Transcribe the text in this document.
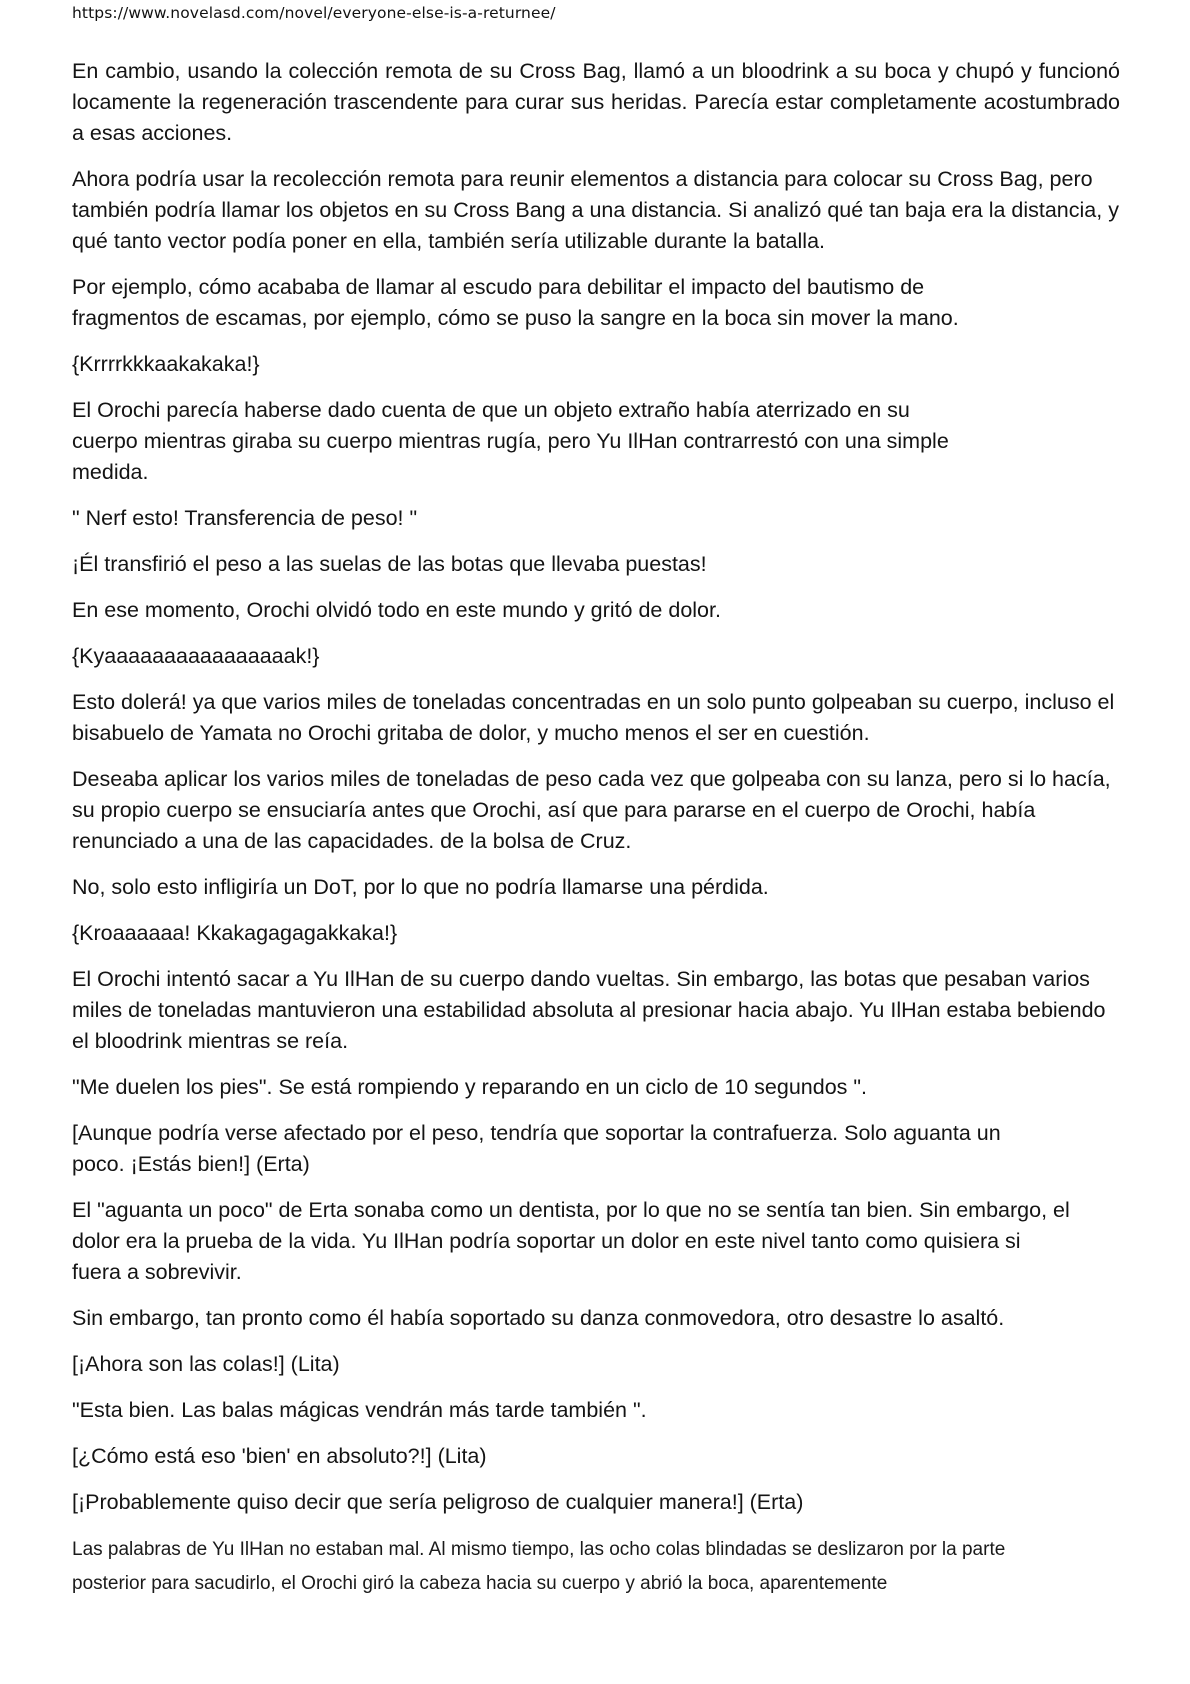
https://www.novelasd.com/novel/everyone-else-is-a-returnee/

En cambio, usando la colección remota de su Cross Bag, llamó a un bloodrink a su boca y chupó y funcionó locamente la regeneración trascendente para curar sus heridas. Parecía estar completamente acostumbrado a esas acciones.

Ahora podría usar la recolección remota para reunir elementos a distancia para colocar su Cross Bag, pero también podría llamar los objetos en su Cross Bang a una distancia. Si analizó qué tan baja era la distancia, y qué tanto vector podía poner en ella, también sería utilizable durante la batalla.

Por ejemplo, cómo acababa de llamar al escudo para debilitar el impacto del bautismo de fragmentos de escamas, por ejemplo, cómo se puso la sangre en la boca sin mover la mano.

{Krrrrkkkaakakaka!}

El Orochi parecía haberse dado cuenta de que un objeto extraño había aterrizado en su cuerpo mientras giraba su cuerpo mientras rugía, pero Yu IlHan contrarrestó con una simple medida.

" Nerf esto! Transferencia de peso! "

¡Él transfirió el peso a las suelas de las botas que llevaba puestas!

En ese momento, Orochi olvidó todo en este mundo y gritó de dolor.

{Kyaaaaaaaaaaaaaaaak!}

Esto dolerá! ya que varios miles de toneladas concentradas en un solo punto golpeaban su cuerpo, incluso el bisabuelo de Yamata no Orochi gritaba de dolor, y mucho menos el ser en cuestión.

Deseaba aplicar los varios miles de toneladas de peso cada vez que golpeaba con su lanza, pero si lo hacía, su propio cuerpo se ensuciaría antes que Orochi, así que para pararse en el cuerpo de Orochi, había renunciado a una de las capacidades. de la bolsa de Cruz.

No, solo esto infligiría un DoT, por lo que no podría llamarse una pérdida.

{Kroaaaaaa! Kkakagagagakkaka!}

El Orochi intentó sacar a Yu IlHan de su cuerpo dando vueltas. Sin embargo, las botas que pesaban varios miles de toneladas mantuvieron una estabilidad absoluta al presionar hacia abajo. Yu IlHan estaba bebiendo el bloodrink mientras se reía.

"Me duelen los pies". Se está rompiendo y reparando en un ciclo de 10 segundos ".

[Aunque podría verse afectado por el peso, tendría que soportar la contrafuerza. Solo aguanta un poco. ¡Estás bien!] (Erta)

El "aguanta un poco" de Erta sonaba como un dentista, por lo que no se sentía tan bien. Sin embargo, el dolor era la prueba de la vida. Yu IlHan podría soportar un dolor en este nivel tanto como quisiera si fuera a sobrevivir.

Sin embargo, tan pronto como él había soportado su danza conmovedora, otro desastre lo asaltó.

[¡Ahora son las colas!] (Lita)

"Esta bien. Las balas mágicas vendrán más tarde también ".

[¿Cómo está eso 'bien' en absoluto?!] (Lita)

[¡Probablemente quiso decir que sería peligroso de cualquier manera!] (Erta)

Las palabras de Yu IlHan no estaban mal. Al mismo tiempo, las ocho colas blindadas se deslizaron por la parte posterior para sacudirlo, el Orochi giró la cabeza hacia su cuerpo y abrió la boca, aparentemente
